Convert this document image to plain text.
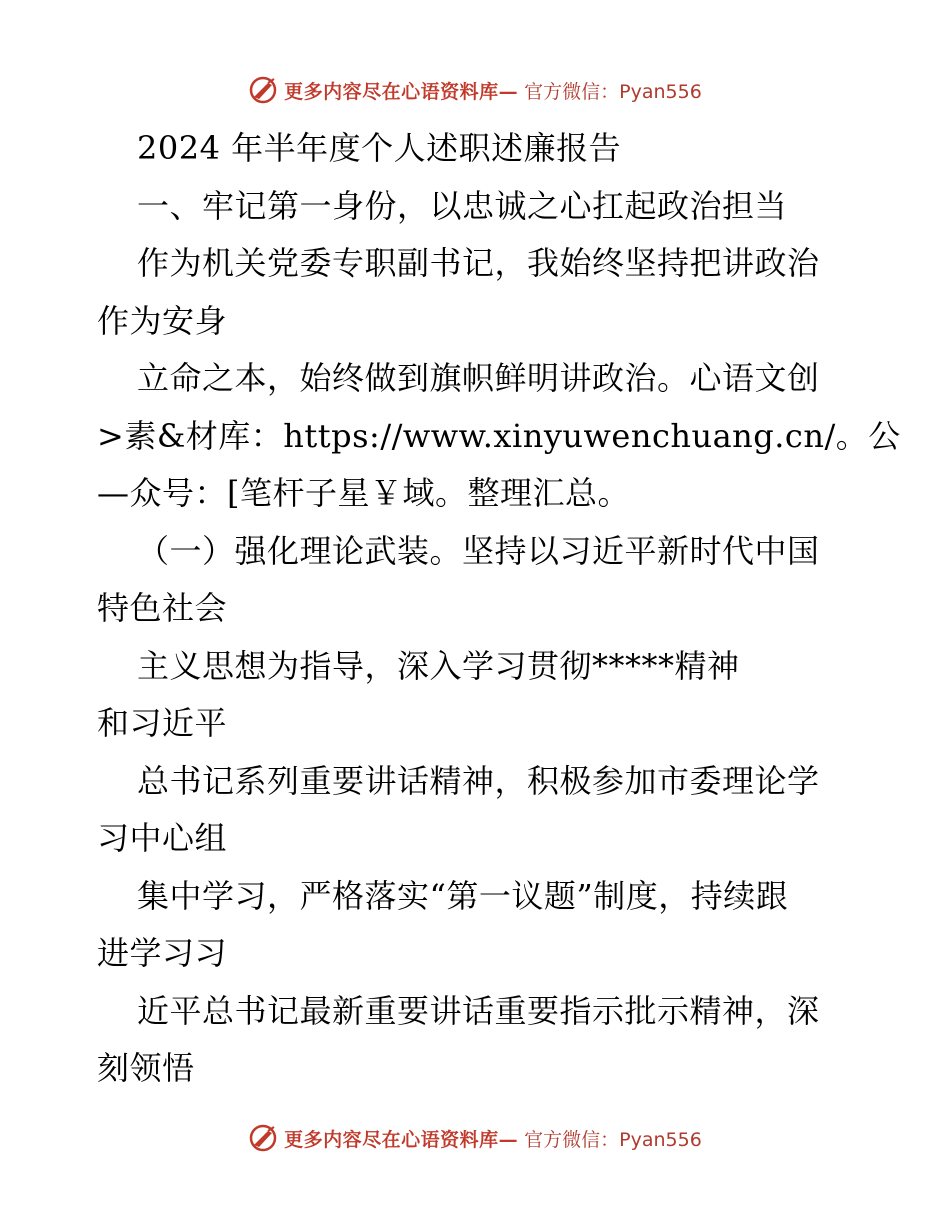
更多内容尽在心语资料库— 官方微信：Pyan556
2024 年半年度个人述职述廉报告
一、牢记第一身份，以忠诚之心扛起政治担当
作为机关党委专职副书记，我始终坚持把讲政治
作为安身
立命之本，始终做到旗帜鲜明讲政治。心语文创
>素&材库：https://www.xinyuwenchuang.cn/。公
—众号：[笔杆子星￥域。整理汇总。
（一）强化理论武装。坚持以习近平新时代中国
特色社会
主义思想为指导，深入学习贯彻*****精神
和习近平
总书记系列重要讲话精神，积极参加市委理论学
习中心组
集中学习，严格落实“第一议题”制度，持续跟
进学习习
近平总书记最新重要讲话重要指示批示精神，深
刻领悟
更多内容尽在心语资料库— 官方微信：Pyan556
